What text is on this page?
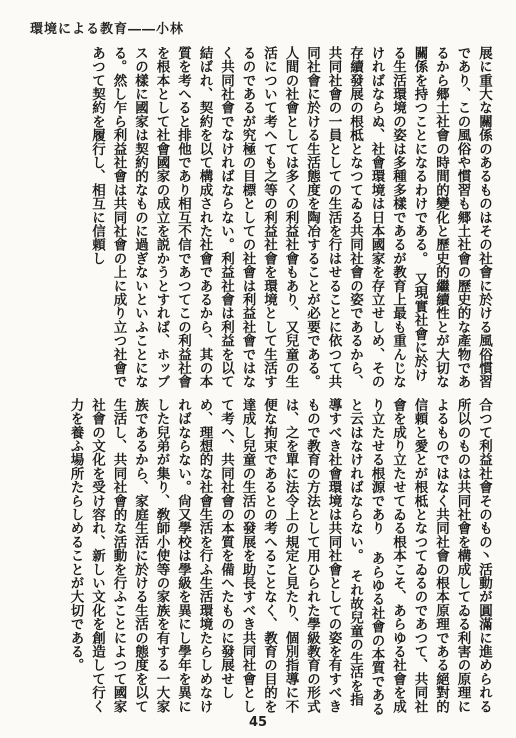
環境による教育――小林

展に重大な關係のあるものはその社會に於ける風俗慣習であり、この風俗や慣習も郷土社會の歷史的な產物であるから郷土社會の時間的變化と歷史的繼續性とが大切な關係を持つことになるわけである。　又現實社會に於ける生活環境の姿は多種多樣であるが教育上最も重んじなければならぬ、社會環境は日本國家を存立せしめ、その存續發展の根柢となつてゐる共同社會の姿であるから、共同社會の一員としての生活を行はせることに依つて共同社會に於ける生活態度を陶冶することが必要である。人間の社會としては多くの利益社會もあり、又兒童の生活について考へても之等の利益社會を環境として生活するのであるが究極の目標としての社會は利益社會ではなく共同社會でなければならない。利益社會は利益を以て結ばれ、契約を以て構成された社會であるから、其の本質を考へると排他であり相互不信であつてこの利益社會を根本として社會國家の成立を説かうとすれば、ホッブスの樣に國家は契約的なものに過ぎないといふことになる。然し乍ら利益社會は共同社會の上に成り立つ社會であつて契約を履行し、相互に信頼し

合つて利益社會そのもの丶活動が圓滿に進められる所以のものは共同社會を構成してゐる利害の原理によるものではなく共同社會の根本原理である絕對的信頼と愛とが根柢となつてゐるのであつて、共同社會を成り立たせてゐる根本こそ、あらゆる社會を成り立たせる根源であり あらゆる社會の本質であると云はなければならない。　それ故兒童の生活を指導すべき社會環境は共同社會としての姿を有すべきもので教育の方法として用ひられた學級教育の形式は、之を單に法令上の規定と見たり、個別指導に不便な拘束であるとの考へることなく、教育の目的を達成し兒童の生活の發展を助長すべき共同社會として考へ、共同社會の本質を備へたものに發展せしめ、理想的な社會生活を行ふ生活環境たらしめなければならない。尙又學校は學級を異にし學年を異にした兒弟が集り、敎師小使等の家族を有する一大家族であるから、家庭生活に於ける生活の態度を以て生活し、共同社會的な活動を行ふことによつて國家社會の文化を受け容れ、新しい文化を創造して行く力を養ふ場所たらしめることが大切である。

45
